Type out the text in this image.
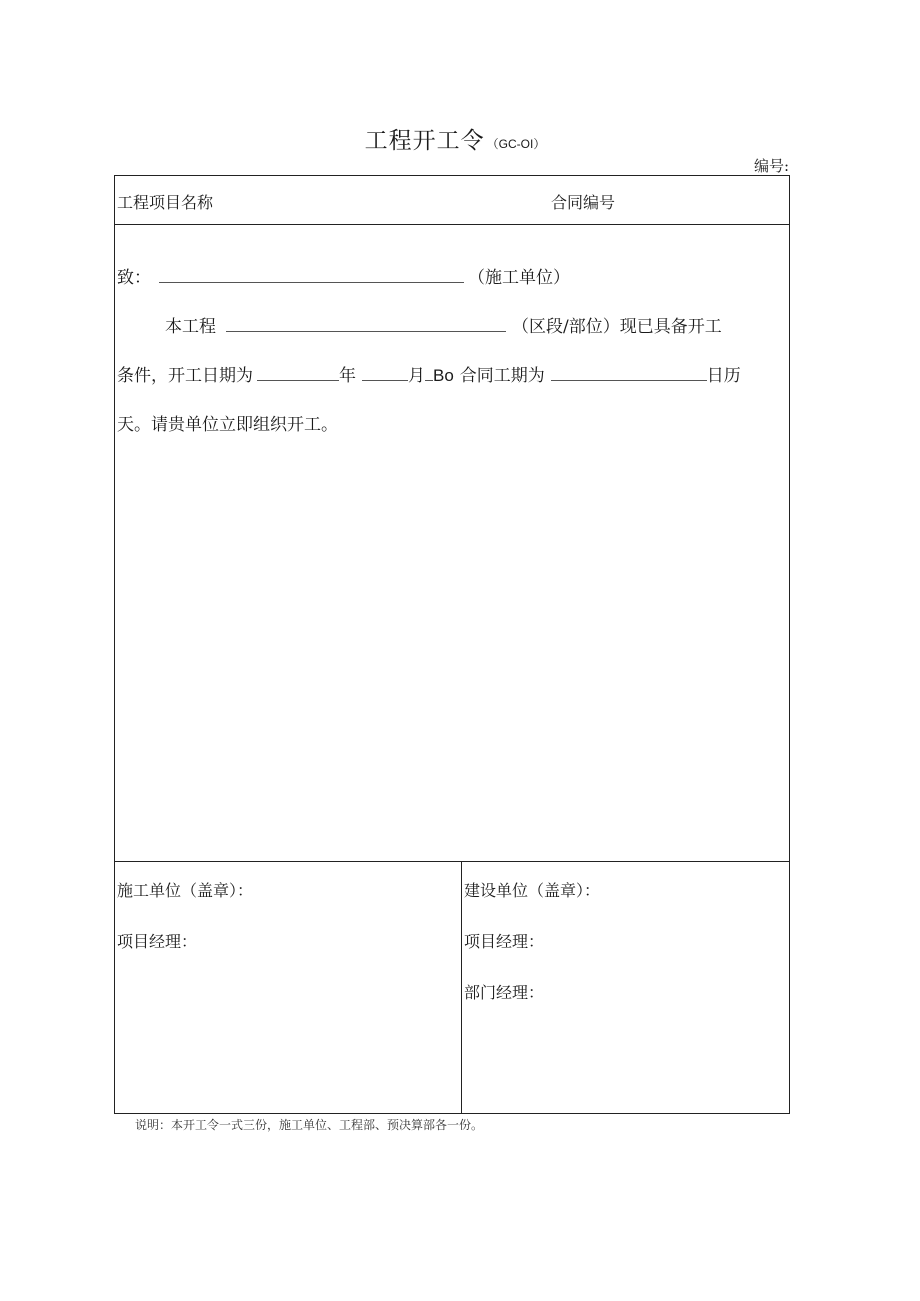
工程开工令 （GC-OI）
编号:
工程项目名称	合同编号
致：	（施工单位）
本工程	（区段/部位）现已具备开工
条件，开工日期为	年	月 Bo 合同工期为	日历
天。请贵单位立即组织开工。
施工单位（盖章）：
项目经理：
建设单位（盖章）：
项目经理：
部门经理：
说明：本开工令一式三份，施工单位、工程部、预决算部各一份。
